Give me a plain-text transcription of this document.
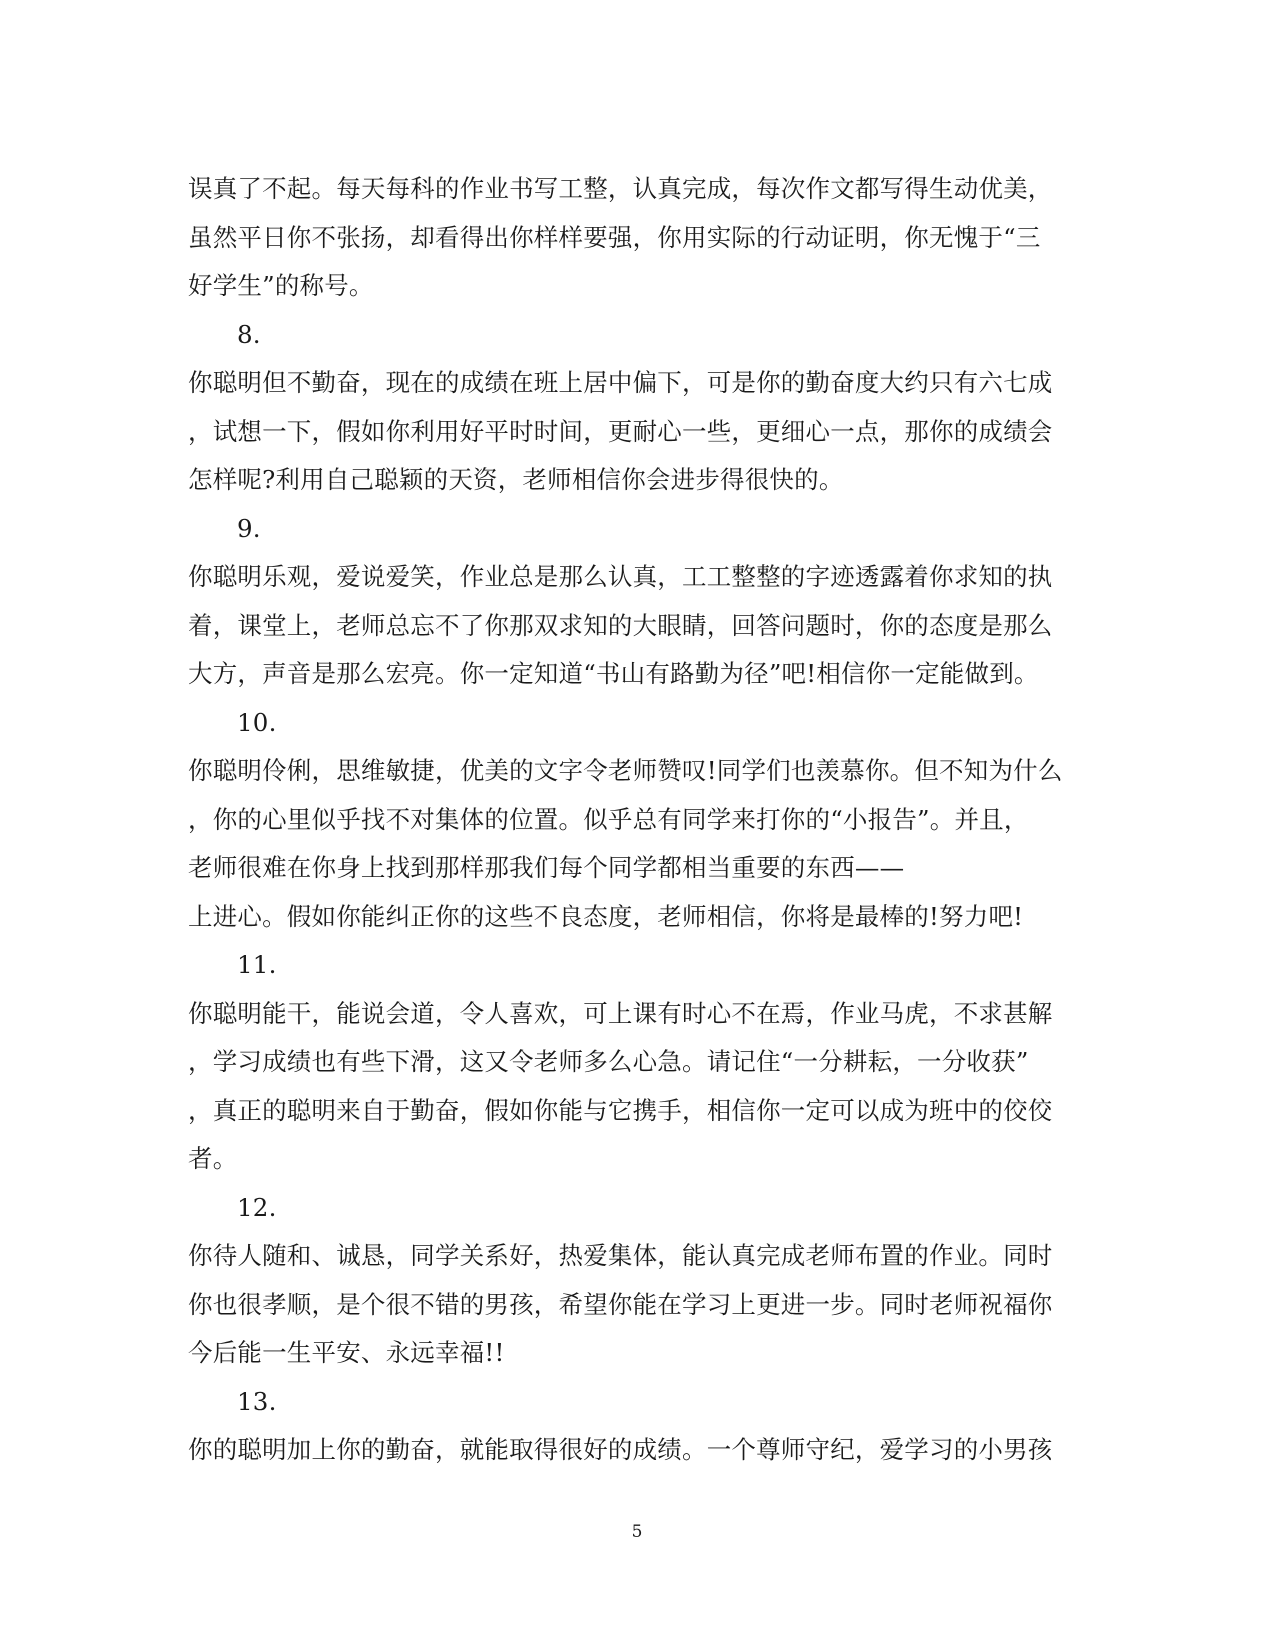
误真了不起。每天每科的作业书写工整，认真完成，每次作文都写得生动优美，
虽然平日你不张扬，却看得出你样样要强，你用实际的行动证明，你无愧于“三
好学生”的称号。
8.
你聪明但不勤奋，现在的成绩在班上居中偏下，可是你的勤奋度大约只有六七成
，试想一下，假如你利用好平时时间，更耐心一些，更细心一点，那你的成绩会
怎样呢?利用自己聪颖的天资，老师相信你会进步得很快的。
9.
你聪明乐观，爱说爱笑，作业总是那么认真，工工整整的字迹透露着你求知的执
着，课堂上，老师总忘不了你那双求知的大眼睛，回答问题时，你的态度是那么
大方，声音是那么宏亮。你一定知道“书山有路勤为径”吧!相信你一定能做到。
10.
你聪明伶俐，思维敏捷，优美的文字令老师赞叹!同学们也羡慕你。但不知为什么
，你的心里似乎找不对集体的位置。似乎总有同学来打你的“小报告”。并且，
老师很难在你身上找到那样那我们每个同学都相当重要的东西——
上进心。假如你能纠正你的这些不良态度，老师相信，你将是最棒的!努力吧!
11.
你聪明能干，能说会道，令人喜欢，可上课有时心不在焉，作业马虎，不求甚解
，学习成绩也有些下滑，这又令老师多么心急。请记住“一分耕耘，一分收获”
，真正的聪明来自于勤奋，假如你能与它携手，相信你一定可以成为班中的佼佼
者。
12.
你待人随和、诚恳，同学关系好，热爱集体，能认真完成老师布置的作业。同时
你也很孝顺，是个很不错的男孩，希望你能在学习上更进一步。同时老师祝福你
今后能一生平安、永远幸福!!
13.
你的聪明加上你的勤奋，就能取得很好的成绩。一个尊师守纪，爱学习的小男孩
5
